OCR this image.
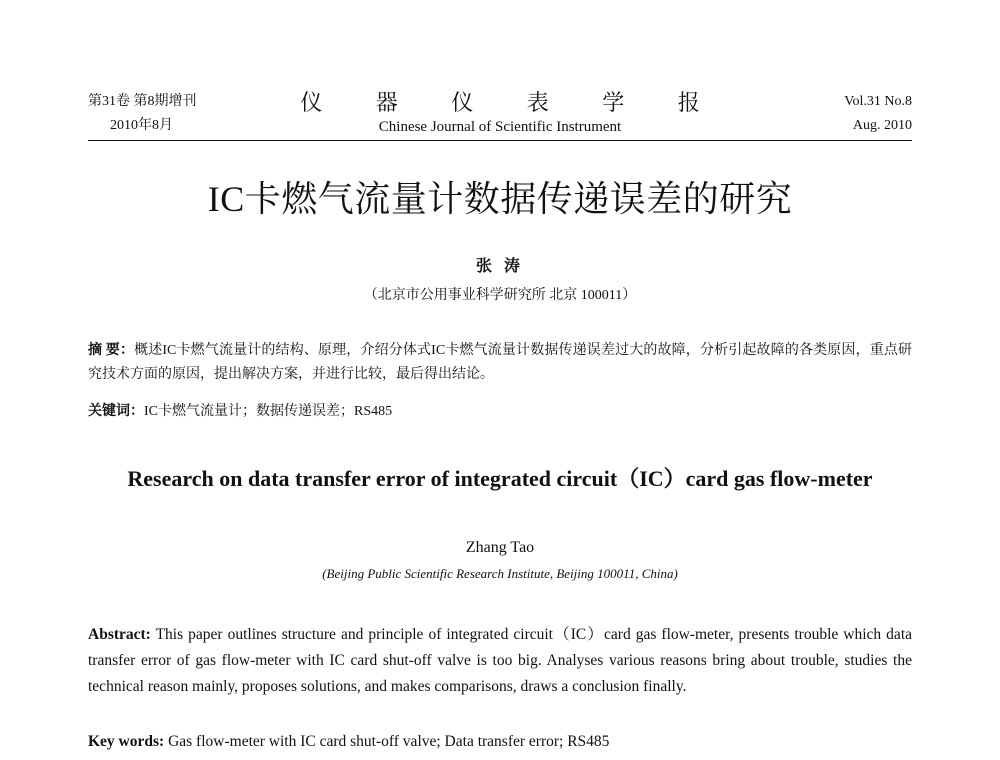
第31卷 第8期增刊
2010年8月
仪 器 仪 表 学 报
Chinese Journal of Scientific Instrument
Vol.31 No.8
Aug. 2010
IC卡燃气流量计数据传递误差的研究
张 涛
（北京市公用事业科学研究所 北京 100011）
摘 要：概述IC卡燃气流量计的结构、原理，介绍分体式IC卡燃气流量计数据传递误差过大的故障，分析引起故障的各类原因，重点研究技术方面的原因，提出解决方案，并进行比较，最后得出结论。
关键词：IC卡燃气流量计；数据传递误差；RS485
Research on data transfer error of integrated circuit（IC）card gas flow-meter
Zhang Tao
(Beijing Public Scientific Research Institute, Beijing 100011, China)
Abstract: This paper outlines structure and principle of integrated circuit（IC）card gas flow-meter, presents trouble which data transfer error of gas flow-meter with IC card shut-off valve is too big. Analyses various reasons bring about trouble, studies the technical reason mainly, proposes solutions, and makes comparisons, draws a conclusion finally.
Key words: Gas flow-meter with IC card shut-off valve; Data transfer error; RS485
